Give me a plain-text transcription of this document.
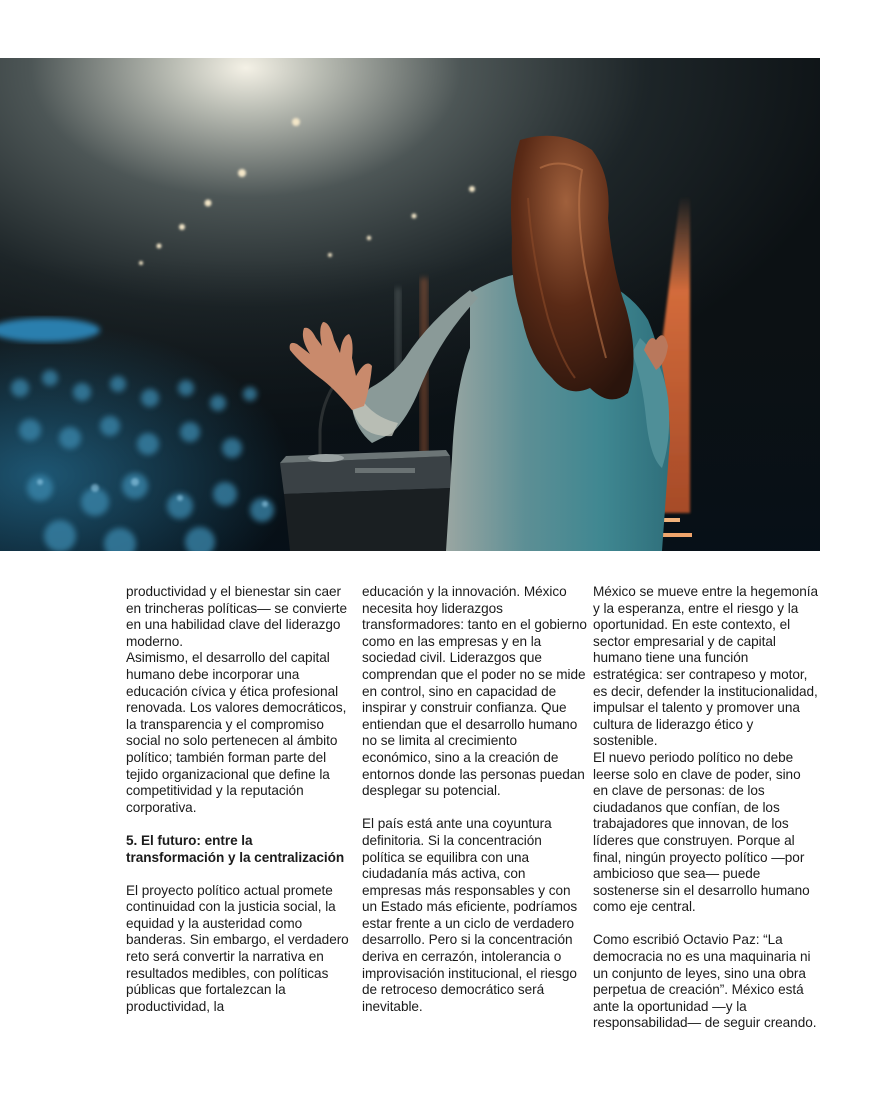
productividad y el bienestar sin caer en trincheras políticas— se convierte en una habilidad clave del liderazgo moderno.

Asimismo, el desarrollo del capital humano debe incorporar una educación cívica y ética profesional renovada. Los valores democráticos, la transparencia y el compromiso social no solo pertenecen al ámbito político; también forman parte del tejido organizacional que define la competitividad y la reputación corporativa.

5. El futuro: entre la transformación y la centralización

El proyecto político actual promete continuidad con la justicia social, la equidad y la austeridad como banderas. Sin embargo, el verdadero reto será convertir la narrativa en resultados medibles, con políticas públicas que fortalezcan la productividad, la

educación y la innovación. México necesita hoy liderazgos transformadores: tanto en el gobierno como en las empresas y en la sociedad civil. Liderazgos que comprendan que el poder no se mide en control, sino en capacidad de inspirar y construir confianza. Que entiendan que el desarrollo humano no se limita al crecimiento económico, sino a la creación de entornos donde las personas puedan desplegar su potencial.

El país está ante una coyuntura definitoria. Si la concentración política se equilibra con una ciudadanía más activa, con empresas más responsables y con un Estado más eficiente, podríamos estar frente a un ciclo de verdadero desarrollo. Pero si la concentración deriva en cerrazón, intolerancia o improvisación institucional, el riesgo de retroceso democrático será inevitable.

México se mueve entre la hegemonía y la esperanza, entre el riesgo y la oportunidad. En este contexto, el sector empresarial y de capital humano tiene una función estratégica: ser contrapeso y motor, es decir, defender la institucionalidad, impulsar el talento y promover una cultura de liderazgo ético y sostenible.

El nuevo periodo político no debe leerse solo en clave de poder, sino en clave de personas: de los ciudadanos que confían, de los trabajadores que innovan, de los líderes que construyen. Porque al final, ningún proyecto político —por ambicioso que sea— puede sostenerse sin el desarrollo humano como eje central.

Como escribió Octavio Paz: “La democracia no es una maquinaria ni un conjunto de leyes, sino una obra perpetua de creación”. México está ante la oportunidad —y la responsabilidad— de seguir creando.
